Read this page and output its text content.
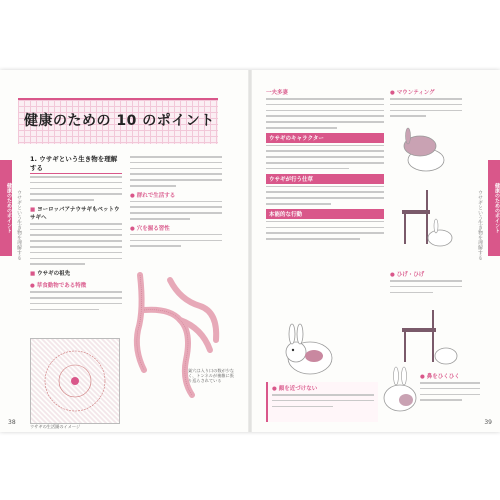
健康のためのポイント ウサギという生き物を理解する
健康のための 10 のポイント
1. ウサギという生き物を理解する
■ ヨーロッパアナウサギもペットウサギへ
■ ウサギの祖先
● 草食動物である特徴
ウサギの生活圏のイメージ
● 群れで生活する
● 穴を掘る習性
巣穴は入り口の数が少なく、トンネルが複雑に張り巡らされている
38
健康のためのポイント
ウサギという生き物を理解する
一夫多妻
ウサギのキャラクター
ウサギが行う仕草
本能的な行動
● 顔を近づけない
● マウンティング
● ひげ・ひげ
● 鼻をひくひく
39
